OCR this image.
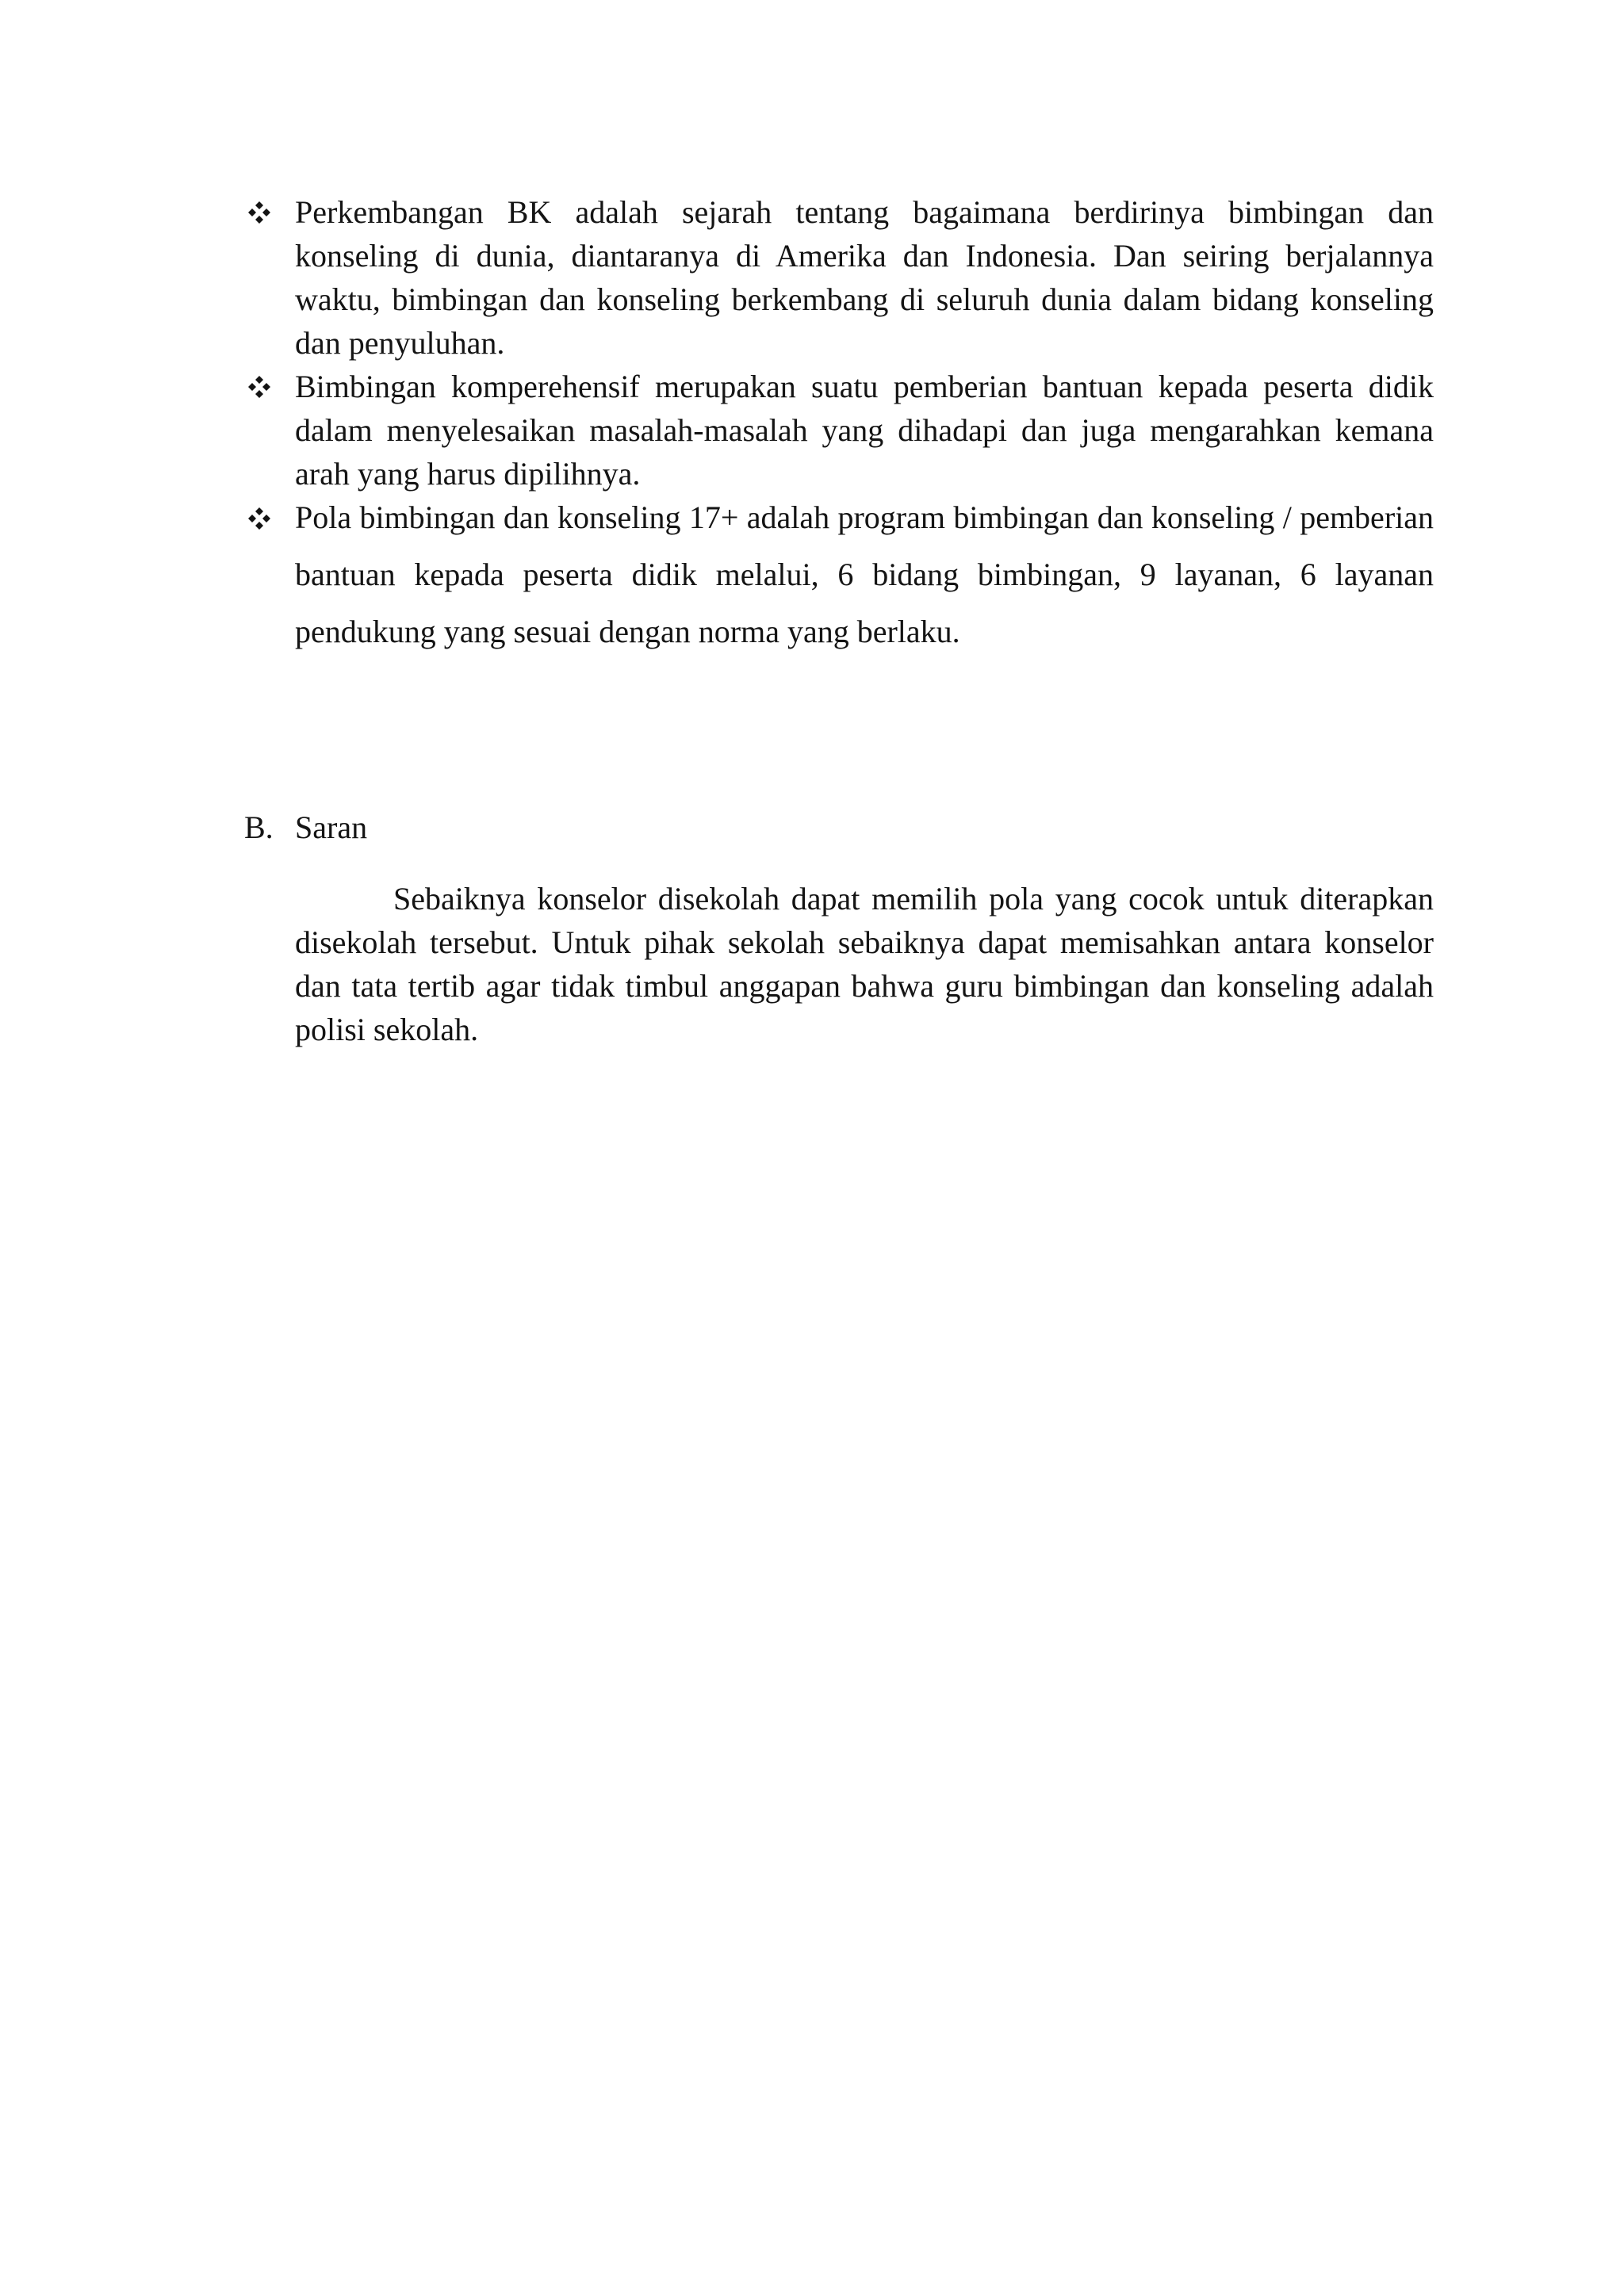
Perkembangan BK adalah sejarah tentang bagaimana berdirinya bimbingan dan konseling di dunia, diantaranya di Amerika dan Indonesia. Dan seiring berjalannya waktu, bimbingan dan konseling berkembang di seluruh dunia dalam bidang konseling dan penyuluhan.
Bimbingan komperehensif merupakan suatu pemberian bantuan kepada peserta didik dalam menyelesaikan masalah-masalah yang dihadapi dan juga mengarahkan kemana arah yang harus dipilihnya.
Pola bimbingan dan konseling 17+ adalah program bimbingan dan konseling / pemberian bantuan kepada peserta didik melalui, 6 bidang bimbingan, 9 layanan, 6 layanan pendukung yang sesuai dengan norma yang berlaku.
B. Saran

Sebaiknya konselor disekolah dapat memilih pola yang cocok untuk diterapkan disekolah tersebut. Untuk pihak sekolah sebaiknya dapat memisahkan antara konselor dan tata tertib agar tidak timbul anggapan bahwa guru bimbingan dan konseling adalah polisi sekolah.
